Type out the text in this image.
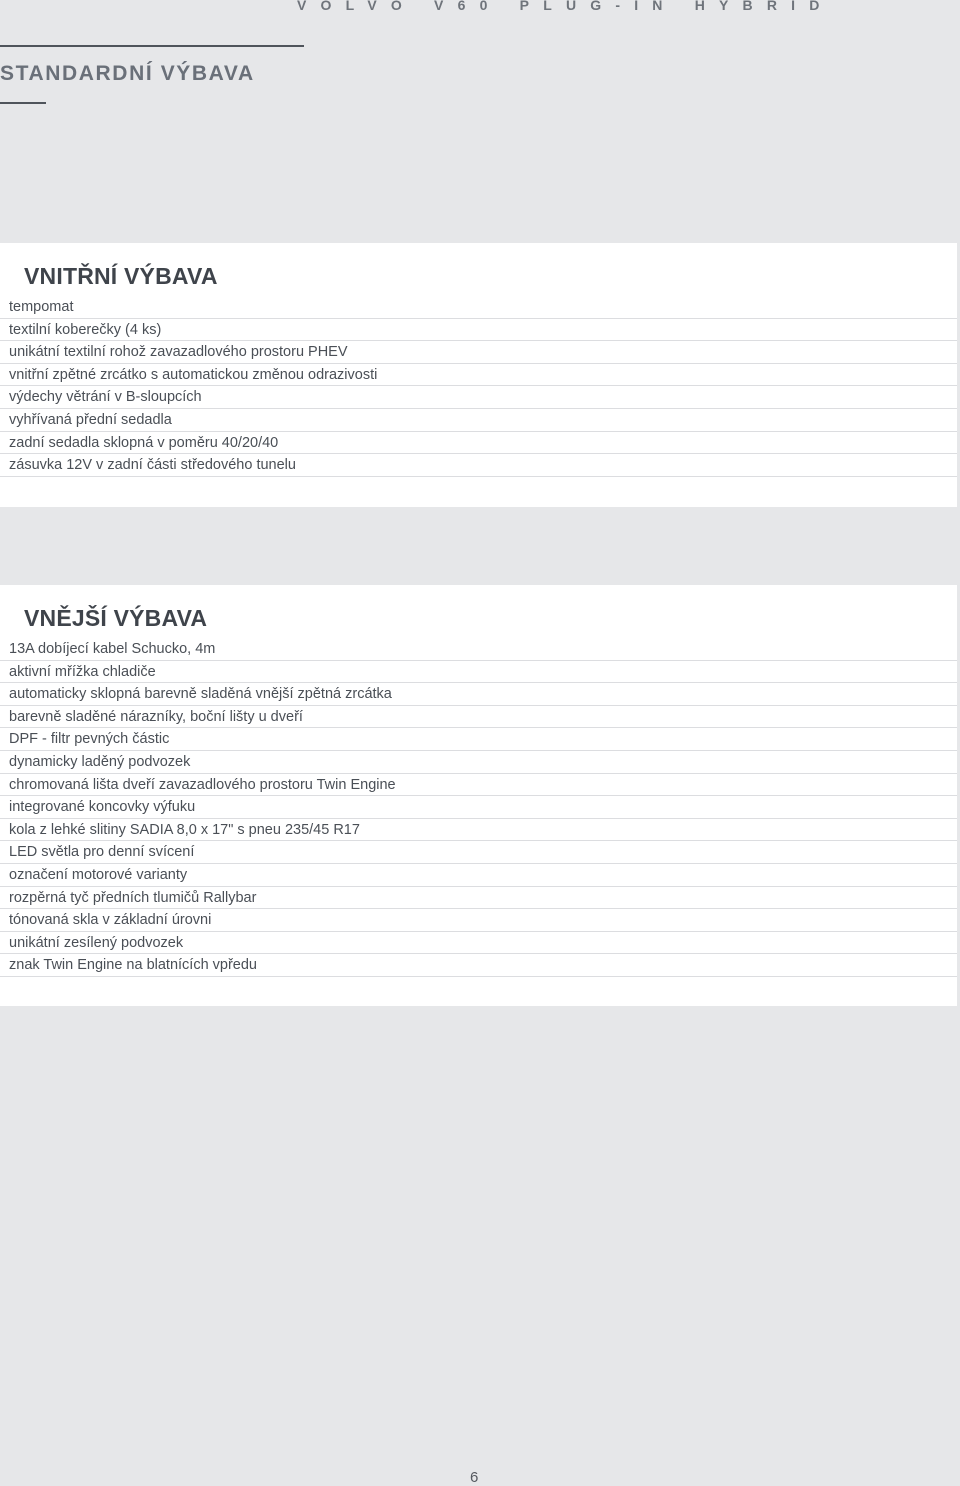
VOLVO V60 PLUG-IN HYBRID
STANDARDNÍ VÝBAVA
VNITŘNÍ VÝBAVA
tempomat
textilní koberečky (4 ks)
unikátní textilní rohož zavazadlového prostoru PHEV
vnitřní zpětné zrcátko s automatickou změnou odrazivosti
výdechy větrání v B-sloupcích
vyhřívaná přední sedadla
zadní sedadla sklopná v poměru 40/20/40
zásuvka 12V v zadní části středového tunelu
VNĚJŠÍ VÝBAVA
13A dobíjecí kabel Schucko, 4m
aktivní mřížka chladiče
automaticky sklopná barevně sladěná vnější zpětná zrcátka
barevně sladěné nárazníky, boční lišty u dveří
DPF - filtr pevných částic
dynamicky laděný podvozek
chromovaná lišta dveří zavazadlového prostoru Twin Engine
integrované koncovky výfuku
kola z lehké slitiny SADIA 8,0 x 17" s pneu 235/45 R17
LED světla pro denní svícení
označení motorové varianty
rozpěrná tyč předních tlumičů Rallybar
tónovaná skla v základní úrovni
unikátní zesílený podvozek
znak Twin Engine na blatnících vpředu
6
